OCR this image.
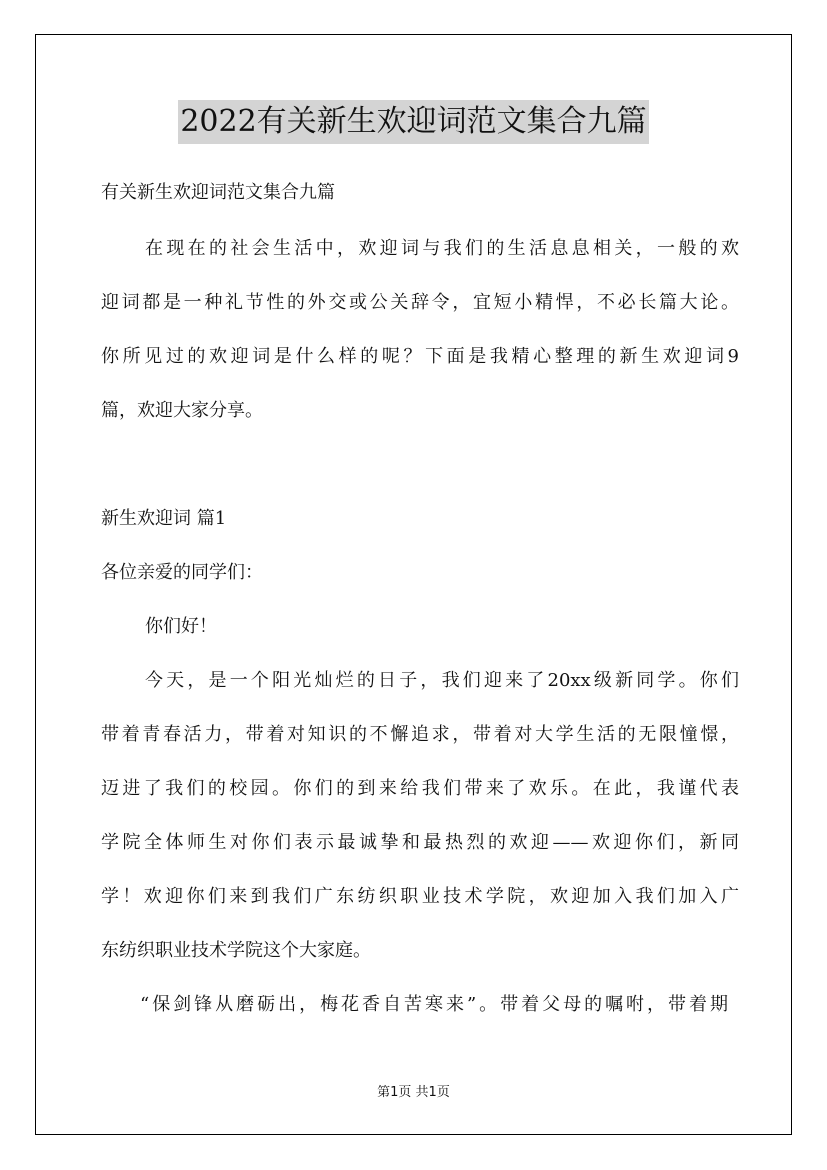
2022有关新生欢迎词范文集合九篇
有关新生欢迎词范文集合九篇
在现在的社会生活中，欢迎词与我们的生活息息相关，一般的欢
迎词都是一种礼节性的外交或公关辞令，宜短小精悍，不必长篇大论。
你所见过的欢迎词是什么样的呢？下面是我精心整理的新生欢迎词9
篇，欢迎大家分享。
新生欢迎词 篇1
各位亲爱的同学们：
你们好！
今天，是一个阳光灿烂的日子，我们迎来了20xx级新同学。你们
带着青春活力，带着对知识的不懈追求，带着对大学生活的无限憧憬，
迈进了我们的校园。你们的到来给我们带来了欢乐。在此，我谨代表
学院全体师生对你们表示最诚挚和最热烈的欢迎——欢迎你们，新同
学！欢迎你们来到我们广东纺织职业技术学院，欢迎加入我们加入广
东纺织职业技术学院这个大家庭。
“保剑锋从磨砺出，梅花香自苦寒来”。带着父母的嘱咐，带着期
第1页 共1页
